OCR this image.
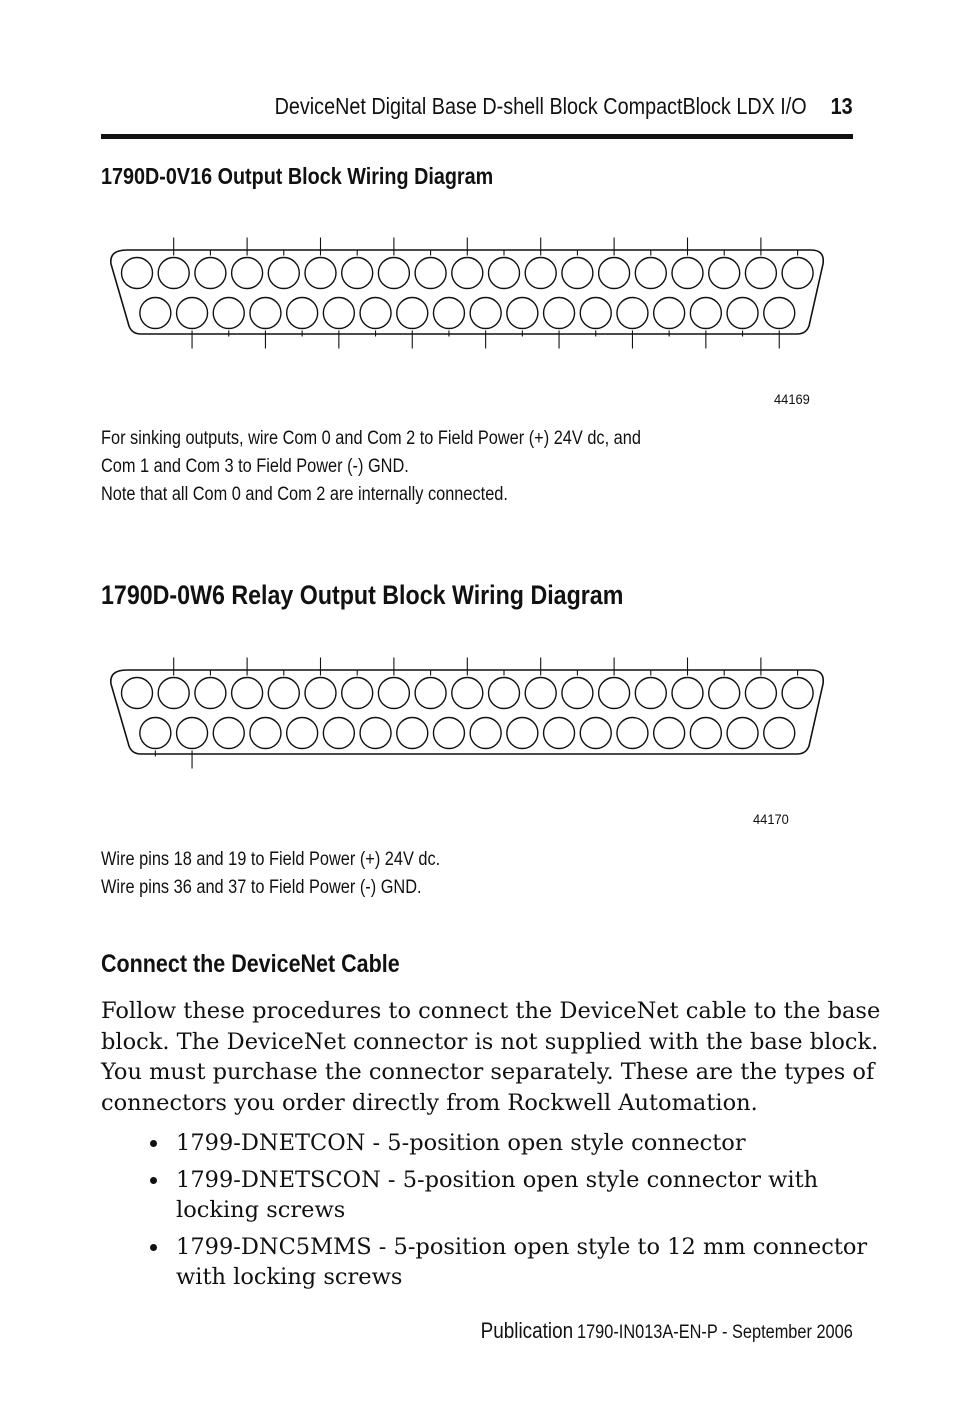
DeviceNet Digital Base D-shell Block CompactBlock LDX I/O 13
1790D-0V16 Output Block Wiring Diagram
44169
For sinking outputs, wire Com 0 and Com 2 to Field Power (+) 24V dc, and
Com 1 and Com 3 to Field Power (-) GND.
Note that all Com 0 and Com 2 are internally connected.
1790D-0W6 Relay Output Block Wiring Diagram
44170
Wire pins 18 and 19 to Field Power (+) 24V dc.
Wire pins 36 and 37 to Field Power (-) GND.
Connect the DeviceNet Cable
Follow these procedures to connect the DeviceNet cable to the base
block. The DeviceNet connector is not supplied with the base block.
You must purchase the connector separately. These are the types of
connectors you order directly from Rockwell Automation.
1799-DNETCON - 5-position open style connector
1799-DNETSCON - 5-position open style connector with
locking screws
1799-DNC5MMS - 5-position open style to 12 mm connector
with locking screws
Publication 1790-IN013A-EN-P - September 2006
